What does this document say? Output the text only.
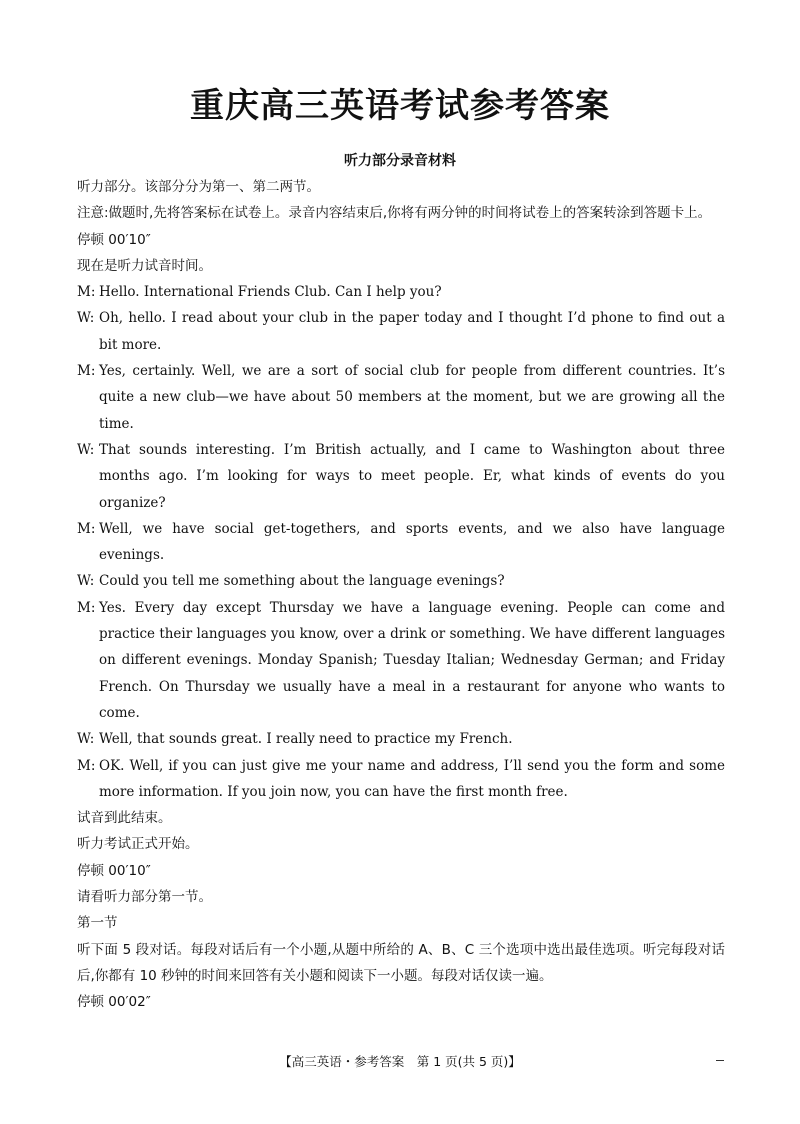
重庆高三英语考试参考答案
听力部分录音材料

听力部分。该部分分为第一、第二两节。

注意:做题时,先将答案标在试卷上。录音内容结束后,你将有两分钟的时间将试卷上的答案转涂到答题卡上。

停顿 00′10″

现在是听力试音时间。

M: Hello. International Friends Club. Can I help you?

W: Oh, hello. I read about your club in the paper today and I thought I’d phone to find out a bit more.

M: Yes, certainly. Well, we are a sort of social club for people from different countries. It’s quite a new club—we have about 50 members at the moment, but we are growing all the time.

W: That sounds interesting. I’m British actually, and I came to Washington about three months ago. I’m looking for ways to meet people. Er, what kinds of events do you organize?

M: Well, we have social get-togethers, and sports events, and we also have language evenings.

W: Could you tell me something about the language evenings?

M: Yes. Every day except Thursday we have a language evening. People can come and practice their languages you know, over a drink or something. We have different languages on different evenings. Monday Spanish; Tuesday Italian; Wednesday German; and Friday French. On Thursday we usually have a meal in a restaurant for anyone who wants to come.

W: Well, that sounds great. I really need to practice my French.

M: OK. Well, if you can just give me your name and address, I’ll send you the form and some more information. If you join now, you can have the first month free.

试音到此结束。

听力考试正式开始。

停顿 00′10″

请看听力部分第一节。

第一节

听下面 5 段对话。每段对话后有一个小题,从题中所给的 A、B、C 三个选项中选出最佳选项。听完每段对话后,你都有 10 秒钟的时间来回答有关小题和阅读下一小题。每段对话仅读一遍。

停顿 00′02″

【高三英语・参考答案　第 1 页(共 5 页)】
